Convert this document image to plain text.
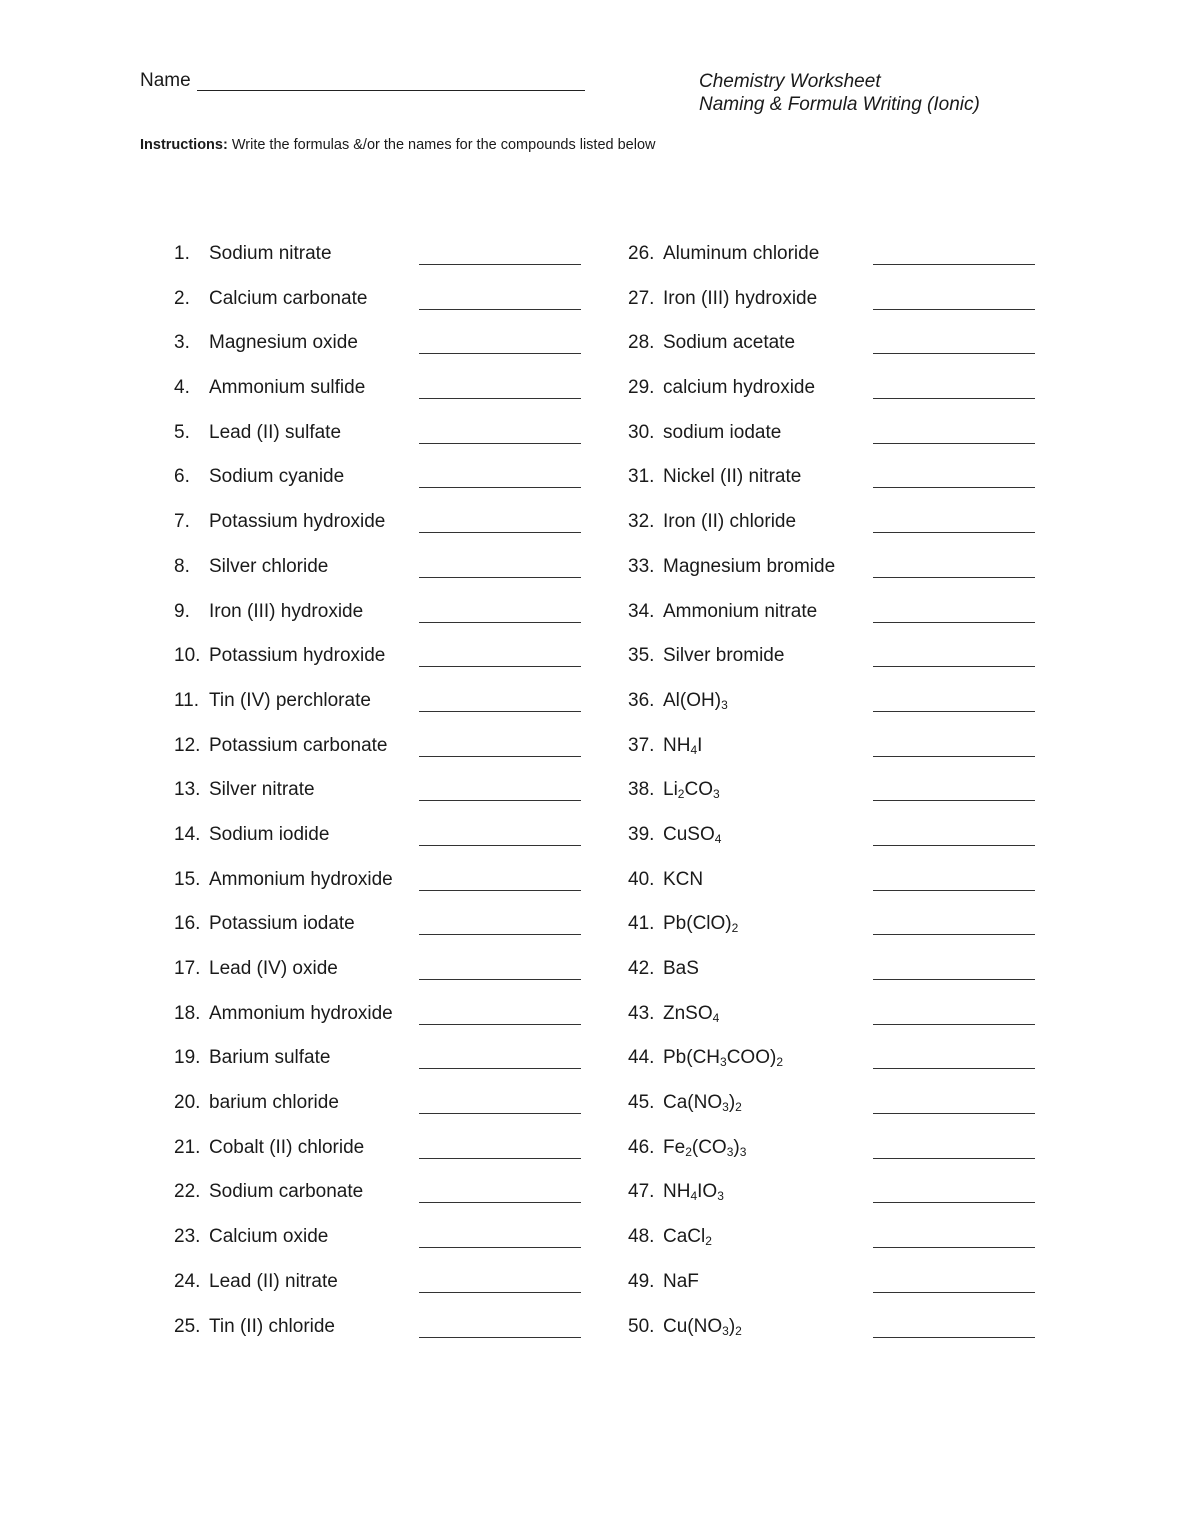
Name	Chemistry Worksheet
Naming & Formula Writing (Ionic)
Instructions: Write the formulas &/or the names for the compounds listed below
1. Sodium nitrate
2. Calcium carbonate
3. Magnesium oxide
4. Ammonium sulfide
5. Lead (II) sulfate
6. Sodium cyanide
7. Potassium hydroxide
8. Silver chloride
9. Iron (III) hydroxide
10. Potassium hydroxide
11. Tin (IV) perchlorate
12. Potassium carbonate
13. Silver nitrate
14. Sodium iodide
15. Ammonium hydroxide
16. Potassium iodate
17. Lead (IV) oxide
18. Ammonium hydroxide
19. Barium sulfate
20. barium chloride
21. Cobalt (II) chloride
22. Sodium carbonate
23. Calcium oxide
24. Lead (II) nitrate
25. Tin (II) chloride
26. Aluminum chloride
27. Iron (III) hydroxide
28. Sodium acetate
29. calcium hydroxide
30. sodium iodate
31. Nickel (II) nitrate
32. Iron (II) chloride
33. Magnesium bromide
34. Ammonium nitrate
35. Silver bromide
36. $Al(OH)_3$
37. $NH_4I$
38. $Li_2CO_3$
39. CuSO$_4$
40. KCN
41. $Pb(ClO)_2$
42. BaS
43. ZnSO$_4$
44. $Pb(CH_3COO)_2$
45. $Ca(NO_3)_2$
46. $Fe_2(CO_3)_3$
47. $NH_4IO_3$
48. CaCl$_2$
49. NaF
50. $Cu(NO_3)_2$
